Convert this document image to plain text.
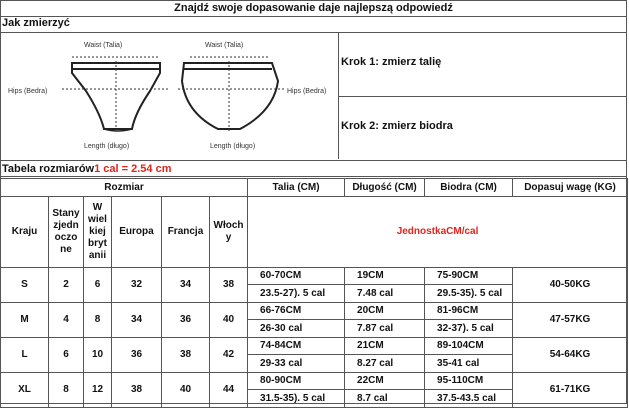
Znajdź swoje dopasowanie daje najlepszą odpowiedź
Jak zmierzyć
Waist (Talia)
Hips (Bedra)
Length (długo)
Waist (Talia)
Hips (Bedra)
Length (długo)
Krok 1: zmierz talię
Krok 2: zmierz biodra
Tabela rozmiarów1 cal = 2.54 cm
Rozmiar						Talia (CM)	Długość (CM)	Biodra (CM)	Dopasuj wagę (KG)
Kraju	Stany zjedn oczo ne	W wiel kiej bryt anii	Europa	Francja	Włoch y	JednostkaCM/cal			
S	2	6	32	34	38	60-70CM	19CM	75-90CM	40-50KG
						23.5-27). 5 cal	7.48 cal	29.5-35). 5 cal	
M	4	8	34	36	40	66-76CM	20CM	81-96CM	47-57KG
						26-30 cal	7.87 cal	32-37). 5 cal	
L	6	10	36	38	42	74-84CM	21CM	89-104CM	54-64KG
						29-33 cal	8.27 cal	35-41 cal	
XL	8	12	38	40	44	80-90CM	22CM	95-110CM	61-71KG
						31.5-35). 5 cal	8.7 cal	37.5-43.5 cal	
